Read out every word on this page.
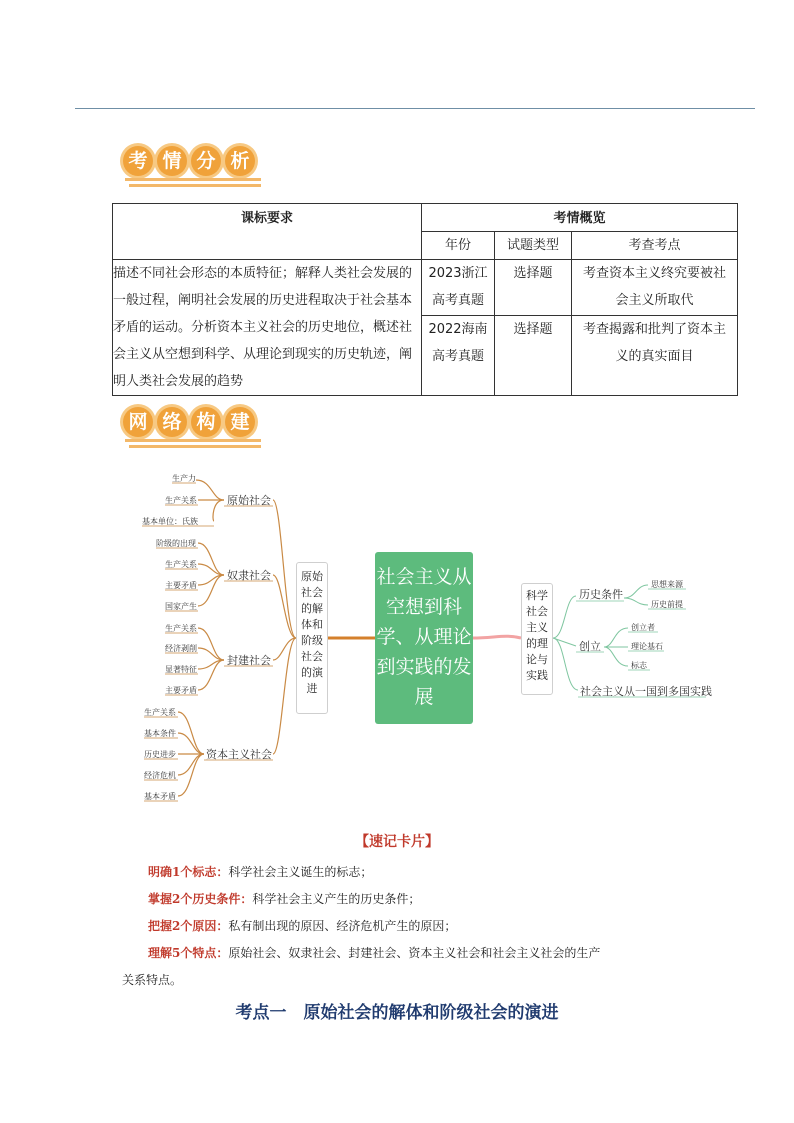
考 情 分 析
课标要求	考情概览		
	年份	试题类型	考查考点
描述不同社会形态的本质特征；解释人类社会发展的一般过程，阐明社会发展的历史进程取决于社会基本矛盾的运动。分析资本主义社会的历史地位，概述社会主义从空想到科学、从理论到现实的历史轨迹，阐明人类社会发展的趋势	2023浙江高考真题	选择题	考查资本主义终究要被社会主义所取代
	2022海南高考真题	选择题	考查揭露和批判了资本主义的真实面目
网 络 构 建
生产力
生产关系
基本单位：氏族
阶级的出现
生产关系
主要矛盾
国家产生
生产关系
经济剥削
显著特征
主要矛盾
生产关系
基本条件
历史进步
经济危机
基本矛盾
原始社会
奴隶社会
封建社会
资本主义社会
历史条件
创立
社会主义从一国到多国实践
思想来源
历史前提
创立者
理论基石
标志
原始社会的解体和阶级社会的演进
社会主义从空想到科学、从理论到实践的发展
科学社会主义的理论与实践
【速记卡片】
明确1个标志：科学社会主义诞生的标志；
掌握2个历史条件：科学社会主义产生的历史条件；
把握2个原因：私有制出现的原因、经济危机产生的原因；
理解5个特点：原始社会、奴隶社会、封建社会、资本主义社会和社会主义社会的生产
关系特点。
考点一　原始社会的解体和阶级社会的演进
